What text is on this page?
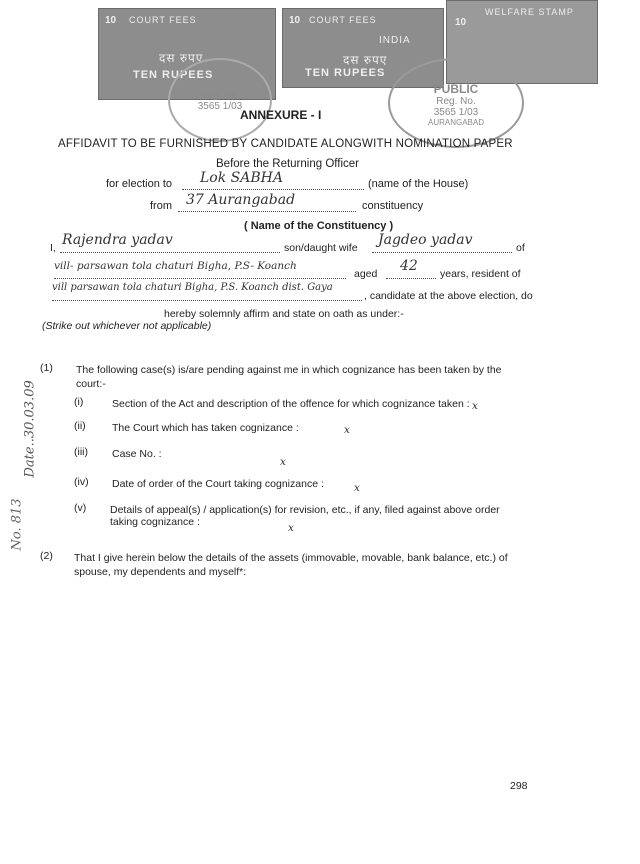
10 COURT FEES
दस रुपए
TEN RUPEES
10 COURT FEES
INDIA
दस रुपए
TEN RUPEES
WELFARE STAMP
10
Reg. No.
3565 1/03
PUBLIC
Reg. No.
3565 1/03
AURANGABAD
ANNEXURE - I
AFFIDAVIT TO BE FURNISHED BY CANDIDATE ALONGWITH NOMINATION PAPER
Before the Returning Officer
for election to Lok SABHA	(name of the House)
from 37 Aurangabad	constituency
( Name of the Constituency )
I, Rajendra yadav	son/daught wife Jagdeo yadav	of
vill- parsawan tola chaturi Bigha, P.S- Koanch
aged 42 years, resident of
vill parsawan tola chaturi Bigha, P.S. Koanch dist. Gaya
, candidate at the above election, do
hereby solemnly affirm and state on oath as under:-
(Strike out whichever not applicable)
(1) The following case(s) is/are pending against me in which cognizance has been taken by the
court:-
(i)	Section of the Act and description of the offence for which cognizance taken : x
(ii)	The Court which has taken cognizance :	x
(iii) Case No. :
x
(iv) Date of order of the Court taking cognizance :	x
(v) Details of appeal(s) / application(s) for revision, etc., if any, filed against above order
taking cognizance :	x
(2) That I give herein below the details of the assets (immovable, movable, bank balance, etc.) of
spouse, my dependents and myself*:
Date..30.03.09
No. 813
298
